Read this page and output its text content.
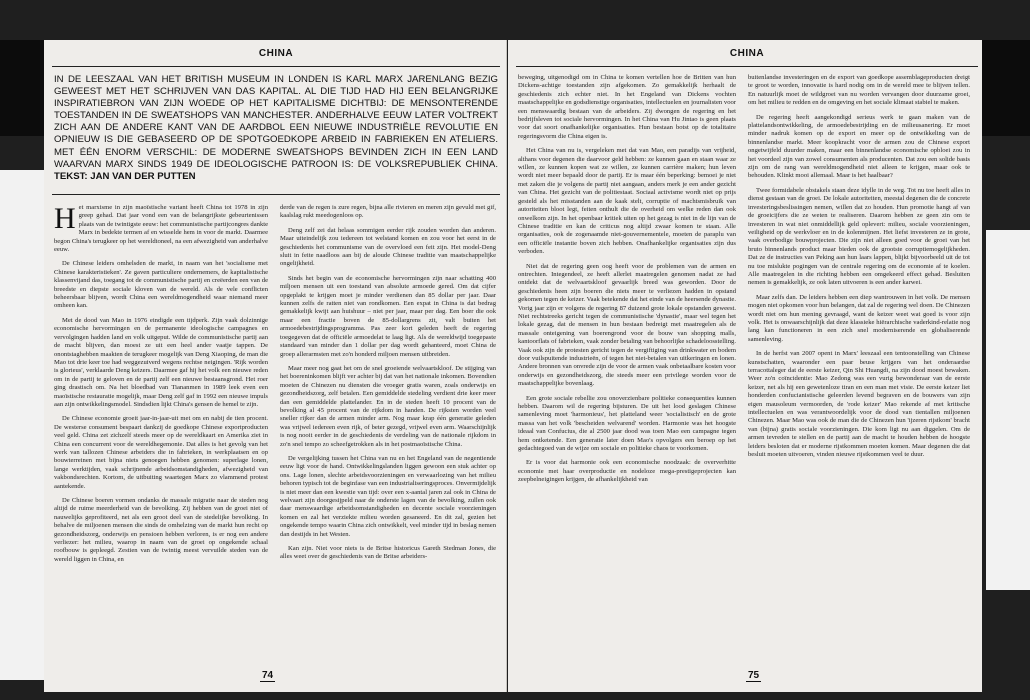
CHINA
IN DE LEESZAAL VAN HET BRITISH MUSEUM IN LONDEN IS KARL MARX JARENLANG BEZIG GEWEEST MET HET SCHRIJVEN VAN DAS KAPITAL. AL DIE TIJD HAD HIJ EEN BELANGRIJKE INSPIRATIEBRON VAN ZIJN WOEDE OP HET KAPITALISME DICHTBIJ: DE MENSONTERENDE TOESTANDEN IN DE SWEATSHOPS VAN MANCHESTER. ANDERHALVE EEUW LATER VOLTREKT ZICH AAN DE ANDERE KANT VAN DE AARDBOL EEN NIEUWE INDUSTRIËLE REVOLUTIE EN OPNIEUW IS DIE GEBASEERD OP DE SPOTGOEDKOPE ARBEID IN FABRIEKEN EN ATELIERS. MET ÉÉN ENORM VERSCHIL: DE MODERNE SWEATSHOPS BEVINDEN ZICH IN EEN LAND WAARVAN MARX SINDS 1949 DE IDEOLOGISCHE PATROON IS: DE VOLKSREPUBLIEK CHINA. TEKST: JAN VAN DER PUTTEN
H et marxisme in zijn maoïstische variant heeft China tot 1978 in zijn greep gehad. Dat jaar vond een van de belangrijkste gebeurtenissen plaats van de twintigste eeuw: het communistische partijcongres dankte Marx in bedekte termen af en wisselde hem in voor de markt. Daarmee begon China's terugkeer op het wereldtoneel, na een afwezigheid van anderhalve eeuw.

De Chinese leiders omhelsden de markt, in naam van het 'socialisme met Chinese karakteristieken'. Ze gaven particuliere ondernemers, de kapitalistische klassenvijand das, toegang tot de communistische partij en creëerden een van de breedste en diepste sociale kloven van de wereld. Als de vele conflicten beheersbaar blijven, wordt China een wereldmogendheid waar niemand meer omheen kan.

Met de dood van Mao in 1976 eindigde een tijdperk. Zijn vaak dolzinnige economische hervormingen en de permanente ideologische campagnes en vervolgingen hadden land en volk uitgeput. Wilde de communistische partij aan de macht blijven, dan moest ze uit een heel ander vaatje tappen. De onontstaghebben maakten de terugkeer mogelijk van Deng Xiaoping, de man die Mao tot drie keer toe had weggezuiverd wegens rechtse neigingen. 'Rijk worden is glorieus', verklaarde Deng keizers. Daarmee gaf hij het volk een nieuwe reden om in de partij te geloven en de partij zelf een nieuwe bestaansgrond. Het roer ging drastisch om. Na het bloedbad van Tiananmen in 1989 leek even een maoïstische restauratie mogelijk, maar Deng zelf gaf in 1992 een nieuwe impuls aan zijn ontwikkelingsmodel. Sindsdien lijkt China's gensen de hemel te zijn.

De Chinese economie groeit jaar-in-jaar-uit met om en nabij de tien procent. De westerse consument bespaart dankzij de goedkope Chinese exportproducten veel geld. China zet zichzelf steeds meer op de wereldkaart en Amerika ziet in China een concurrent voor de wereldhegemonie. Dat alles is het gevolg van het werk van tallozen Chinese arbeiders die in fabrieken, in werkplaatsen en op bouwterreinen met bijna niets genoegen hebben genomen: superlage lonen, lange werktijden, vaak schrijnende arbeidsomstandigheden, afwezigheid van vakbondsrechten. Kortom, de uitbuiting waartegen Marx zo vlammend protest aantekende.

De Chinese boeren vormen ondanks de massale migratie naar de steden nog altijd de ruime meerderheid van de bevolking. Zij hebben van de groei niet of nauwelijks geprofiteerd, net als een groot deel van de stedelijke bevolking. In behalve de miljoenen mensen die sinds de omhelzing van de markt hun recht op gezondheidszorg, onderwijs en pensioen hebben verloren, is er nog een andere verliezer: het milieu, waarop in naam van de groei op ongekende schaal roofbouw is gepleegd. Zestien van de twintig meest vervuilde steden van de wereld liggen in China, en

derde van de regen is zure regen, bijna alle rivieren en meren zijn gevuld met gif, kaalslag rukt meedogenloos op.

Deng zelf zei dat helaas sommigen eerder rijk zouden worden dan anderen. Maar uiteindelijk zou iedereen tot welstand komen en zou voor het eerst in de geschiedenis het communisme van de overvloed een feit zijn. Het model-Deng sluit in feite naadloos aan bij de aloude Chinese traditie van maatschappelijke ongelijkheid.

Sinds het begin van de economische hervormingen zijn naar schatting 400 miljoen mensen uit een toestand van absolute armoede gered. Om dat cijfer opgeplakt te krijgen moet je minder verdienen dan 85 dollar per jaar. Daar kunnen zelfs de ratten niet van rondkomen. Een expat in China is dat bedrag gemakkelijk kwijt aan huishuur – niet per jaar, maar per dag. Een boer die ook maar een fractie boven de 85-dollargrens zit, valt buiten het armoedebestrijdingsprogramma. Pas zeer kort geleden heeft de regering toegegeven dat de officiële armoedelat te laag ligt. Als de wereldwijd toegepaste standaard van minder dan 1 dollar per dag wordt gehanteerd, moet China de groep allerarmsten met zo'n honderd miljoen mensen uitbreiden.

Maar meer nog gaat het om de snel groeiende welvaartskloof. De stijging van het boereninkomen blijft ver achter bij dat van het nationale inkomen. Bovendien moeten de Chinezen nu diensten die vroeger gratis waren, zoals onderwijs en gezondheidszorg, zelf betalen. Een gemiddelde stedeling verdient drie keer meer dan een gemiddelde plattelander. En in de steden heeft 10 procent van de bevolking al 45 procent van de rijkdom in handen. De rijksten worden veel sneller rijker dan de armen minder arm. Nog maar krap één generatie geleden was vrijwel iedereen even rijk, of beter gezegd, vrijwel even arm. Waarschijnlijk is nog nooit eerder in de geschiedenis de verdeling van de nationale rijkdom in zo'n snel tempo zo scheefgetrokken als in het postmaoïstische China.

De vergelijking tussen het China van nu en het Engeland van de negentiende eeuw ligt voor de hand. Ontwikkelingslanden liggen gewoon een stuk achter op ons. Lage lonen, slechte arbeidsvoorzieningen en verwaarlozing van het milieu behoren typisch tot de beginfase van een industrialiseringsproces. Onvermijdelijk is niet meer dan een kwestie van tijd: over een x-aantal jaren zal ook in China de welvaart zijn doorgesijpeld naar de onderste lagen van de bevolking, zullen ook daar menswaardige arbeidsomstandigheden en decente sociale voorzieningen komen en zal het verziekte milieu worden gesaneerd. En dit zal, gezien het ongekende tempo waarin China zich ontwikkelt, veel minder tijd in beslag nemen dan destijds in het Westen.

Kan zijn. Niet voor niets is de Britse historicus Gareth Stedman Jones, die alles weet over de geschiedenis van de Britse arbeiders-

74
CHINA

beweging, uitgenodigd om in China te komen vertellen hoe de Britten van hun Dickens-achtige toestanden zijn afgekomen. Zo gemakkelijk herhaalt de geschiedenis zich echter niet. In het Engeland van Dickens vochten maatschappelijke en godsdienstige organisaties, intellectuelen en journalisten voor een menswaardig bestaan van de arbeiders. Zij dwongen de regering en het bedrijfsleven tot sociale hervormingen. In het China van Hu Jintao is geen plaats voor dat soort onafhankelijke organisaties. Hun bestaan botst op de totalitaire regeringsvorm die China eigen is.

Het China van nu is, vergeleken met dat van Mao, een paradijs van vrijheid, althans voor degenen die daarvoor geld hebben: ze kunnen gaan en staan waar ze willen, ze kunnen kopen wat ze willen, ze kunnen carrière maken; hun leven wordt niet meer bepaald door de partij. Er is maar één beperking: bemoei je niet met zaken die je volgens de partij niet aangaan, anders merk je een ander gezicht van China. Het gezicht van de politiestaat. Sociaal activisme wordt niet op prijs gesteld als het misstanden aan de kaak stelt, corruptie of machtsmisbruik van autoriteiten bloot legt, feiten onthult die de overheid om welke reden dan ook onwelkom zijn. In het openbaar kritiek uiten op het gezag is niet in de lijn van de Chinese traditie en kan de criticus nog altijd zwaar komen te staan. Alle organisaties, ook de zogenaamde niet-gouvernementele, moeten de paraplu van een officiële instantie boven zich hebben. Onafhankelijke organisaties zijn dus verboden.

Niet dat de regering geen oog heeft voor de problemen van de armen en ontrechten. Integendeel, ze heeft allerlei maatregelen genomen nadat ze had ontdekt dat de welvaartskloof gevaarlijk breed was geworden. Door de geschiedenis heen zijn boeren die niets meer te verliezen hadden in opstand gekomen tegen de keizer. Vaak betekende dat het einde van de heersende dynastie. Vorig jaar zijn er volgens de regering 87 duizend grote lokale opstanden geweest. Niet rechtstreeks gericht tegen de communistische 'dynastie', maar wel tegen het lokale gezag, dat de mensen in hun bestaan bedreigt met maatregelen als de massale onteigening van boerengrond voor de bouw van shopping malls, kantoorflats of fabrieken, vaak zonder betaling van behoorlijke schadeloosstelling. Vaak ook zijn de protesten gericht tegen de vergiftiging van drinkwater en bodem door vuilspuitende industrieën, of tegen het niet-betalen van uitkeringen en lonen. Andere bronnen van onvrede zijn de voor de armen vaak onbetaalbare kosten voor onderwijs en gezondheidszorg, die steeds meer een privilege worden voor de maatschappelijke bovenlaag.

Een grote sociale rebellie zou onoverzienbare politieke consequenties kunnen hebben. Daarom wil de regering bijsturen. De uit het lood geslagen Chinese samenleving moet 'harmonieus', het platteland weer 'socialistisch' en de grote massa van het volk 'bescheiden welvarend' worden. Harmonie was het hoogste ideaal van Confucius, die al 2500 jaar dood was toen Mao een campagne tegen hem ontketende. Een generatie later doen Mao's opvolgers een beroep op het gedachtegoed van de wijze om sociale en politieke chaos te voorkomen.

Er is voor dat harmonie ook een economische noodzaak: de oververhitte economie met haar overproductie en nodeloze mega-prestigeprojecten kan zeepbelneigingen krijgen, de afhankelijkheid van

buitenlandse investeringen en de export van goedkope assemblageproducten dreigt te groot te worden, innovatie is hard nodig om in de wereld mee te blijven tellen. En natuurlijk moet de wildgroei van nu worden vervangen door duurzame groei, om het milieu te redden en de omgeving en het sociale klimaat stabiel te maken.

De regering heeft aangekondigd serieus werk te gaan maken van de plattelandsontwikkeling, de armoedebestrijding en de milieusanering. Er moet minder nadruk komen op de export en meer op de ontwikkeling van de binnenlandse markt. Meer koopkracht voor de armen zou de Chinese export ongetwijfeld duurder maken, maar een binnenlandse economische opbloei zou in het voordeel zijn van zowel consumenten als producenten. Dat zou een solide basis zijn om de rang van wereldmogendheid niet alleen te krijgen, maar ook te behouden. Klinkt mooi allemaal. Maar is het haalbaar?

Twee formidabele obstakels staan deze idylle in de weg. Tot nu toe heeft alles in dienst gestaan van de groei. De lokale autoriteiten, meestal degenen die de concrete investeringsbeslissingen nemen, willen dat zo houden. Hun promotie hangt af van de groeicijfers die ze weten te realiseren. Daarom hebben ze geen zin om te investeren in wat niet onmiddellijk geld oplevert: milieu, sociale voorzieningen, veiligheid op de werkvloer en in de kolenmijnen. Het liefst investeren ze in grote, vaak overbodige bouwprojecten. Die zijn niet alleen goed voor de groei van het bruto binnenlands product maar bieden ook de grootste corruptiemogelijkheden. Dat ze de instructies van Peking aan hun laars lappen, blijkt bijvoorbeeld uit de tot nu toe mislukte pogingen van de centrale regering om de economie af te koelen. Alle maatregelen in die richting hebben een omgekeerd effect gehad. Besluiten nemen is gemakkelijk, ze ook laten uitvoeren is een ander karwei.

Maar zelfs dan. De leiders hebben een diep wantrouwen in het volk. De mensen mogen niet opkomen voor hun belangen, dat zal de regering wel doen. De Chinezen wordt niet om hun mening gevraagd, want de keizer weet wat goed is voor zijn volk. Het is onwaarschijnlijk dat deze klassieke hiërarchische vaderkind-relatie nog lang kan functioneren in een zich snel moderniserende en globaliserende samenleving.

In de herfst van 2007 opent in Marx' leeszaal een tentoonstelling van Chinese kunstschatten, waaronder een paar beuse krijgers van het onderaardse terracottaleger dat de eerste keizer, Qin Shi Huangdi, na zijn dood moest bewaken. Weer zo'n coïncidentie: Mao Zedong was een vurig bewonderaar van de eerste keizer, net als hij een gewetenloze tiran en een man met visie. De eerste keizer liet honderden confucianistische geleerden levend begraven en de bouwers van zijn eigen mausoleum vermoorden, de 'rode keizer' Mao rekende af met kritische intellectuelen en was verantwoordelijk voor de dood van tientallen miljoenen Chinezen. Maar Mao was ook de man die de Chinezen hun 'ijzeren rijstkom' bracht van (bijna) gratis sociale voorzieningen. Die kom ligt nu aan diggelen. Om de armen tevreden te stellen en de partij aan de macht te houden hebben de hoogste leiders besloten dat er moderne rijstkommen moeten komen. Maar degenen die dat besluit moeten uitvoeren, vinden nieuwe rijstkommen veel te duur.

75
